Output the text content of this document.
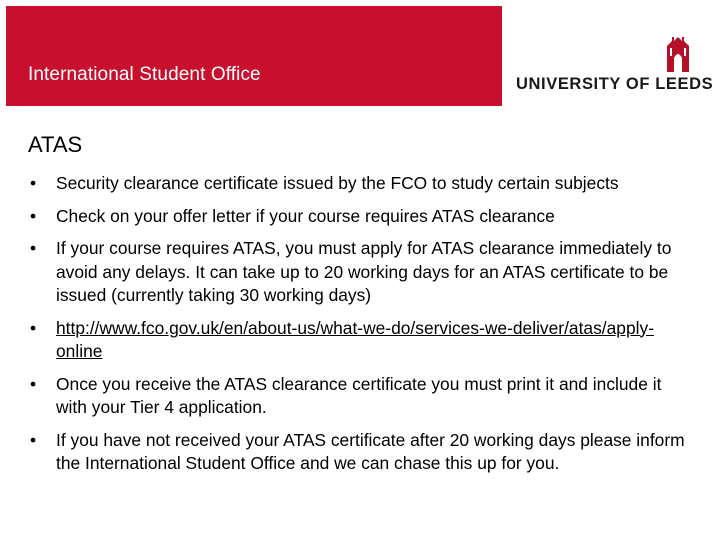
International Student Office	UNIVERSITY OF LEEDS
ATAS
• Security clearance certificate issued by the FCO to study certain subjects
• Check on your offer letter if your course requires ATAS clearance
• If your course requires ATAS, you must apply for ATAS clearance immediately to avoid any delays. It can take up to 20 working days for an ATAS certificate to be issued (currently taking 30 working days)
• http://www.fco.gov.uk/en/about-us/what-we-do/services-we-deliver/atas/apply-online
• Once you receive the ATAS clearance certificate you must print it and include it with your Tier 4 application.
• If you have not received your ATAS certificate after 20 working days please inform the International Student Office and we can chase this up for you.
